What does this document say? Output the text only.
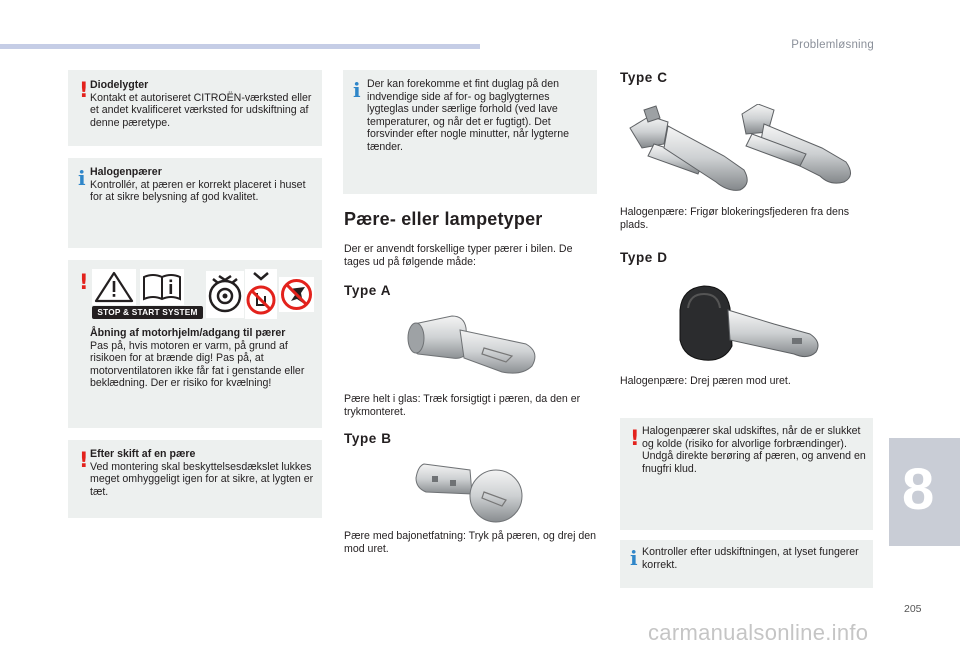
Problemløsning
! Diodelygter
Kontakt et autoriseret CITROËN-værksted eller et andet kvalificeret værksted for udskiftning af denne pæretype.
i Halogenpærer
Kontrollér, at pæren er korrekt placeret i huset for at sikre belysning af god kvalitet.
!
Åbning af motorhjelm/adgang til pærer
Pas på, hvis motoren er varm, på grund af risikoen for at brænde dig! Pas på, at motorventilatoren ikke får fat i genstande eller beklædning. Der er risiko for kvælning!
STOP & START SYSTEM
! Efter skift af en pære
Ved montering skal beskyttelsesdækslet lukkes meget omhyggeligt igen for at sikre, at lygten er tæt.
i Der kan forekomme et fint duglag på den indvendige side af for- og baglygternes lygteglas under særlige forhold (ved lave temperaturer, og når det er fugtigt). Det forsvinder efter nogle minutter, når lygterne tænder.
Pære- eller lampetyper
Der er anvendt forskellige typer pærer i bilen. De tages ud på følgende måde:
Type A
Pære helt i glas: Træk forsigtigt i pæren, da den er trykmonteret.
Type B
Pære med bajonetfatning: Tryk på pæren, og drej den mod uret.
Type C
Halogenpære: Frigør blokeringsfjederen fra dens plads.
Type D
Halogenpære: Drej pæren mod uret.
! Halogenpærer skal udskiftes, når de er slukket og kolde (risiko for alvorlige forbrændinger). Undgå direkte berøring af pæren, og anvend en fnugfri klud.
i Kontroller efter udskiftningen, at lyset fungerer korrekt.
8
205
carmanualsonline.info
